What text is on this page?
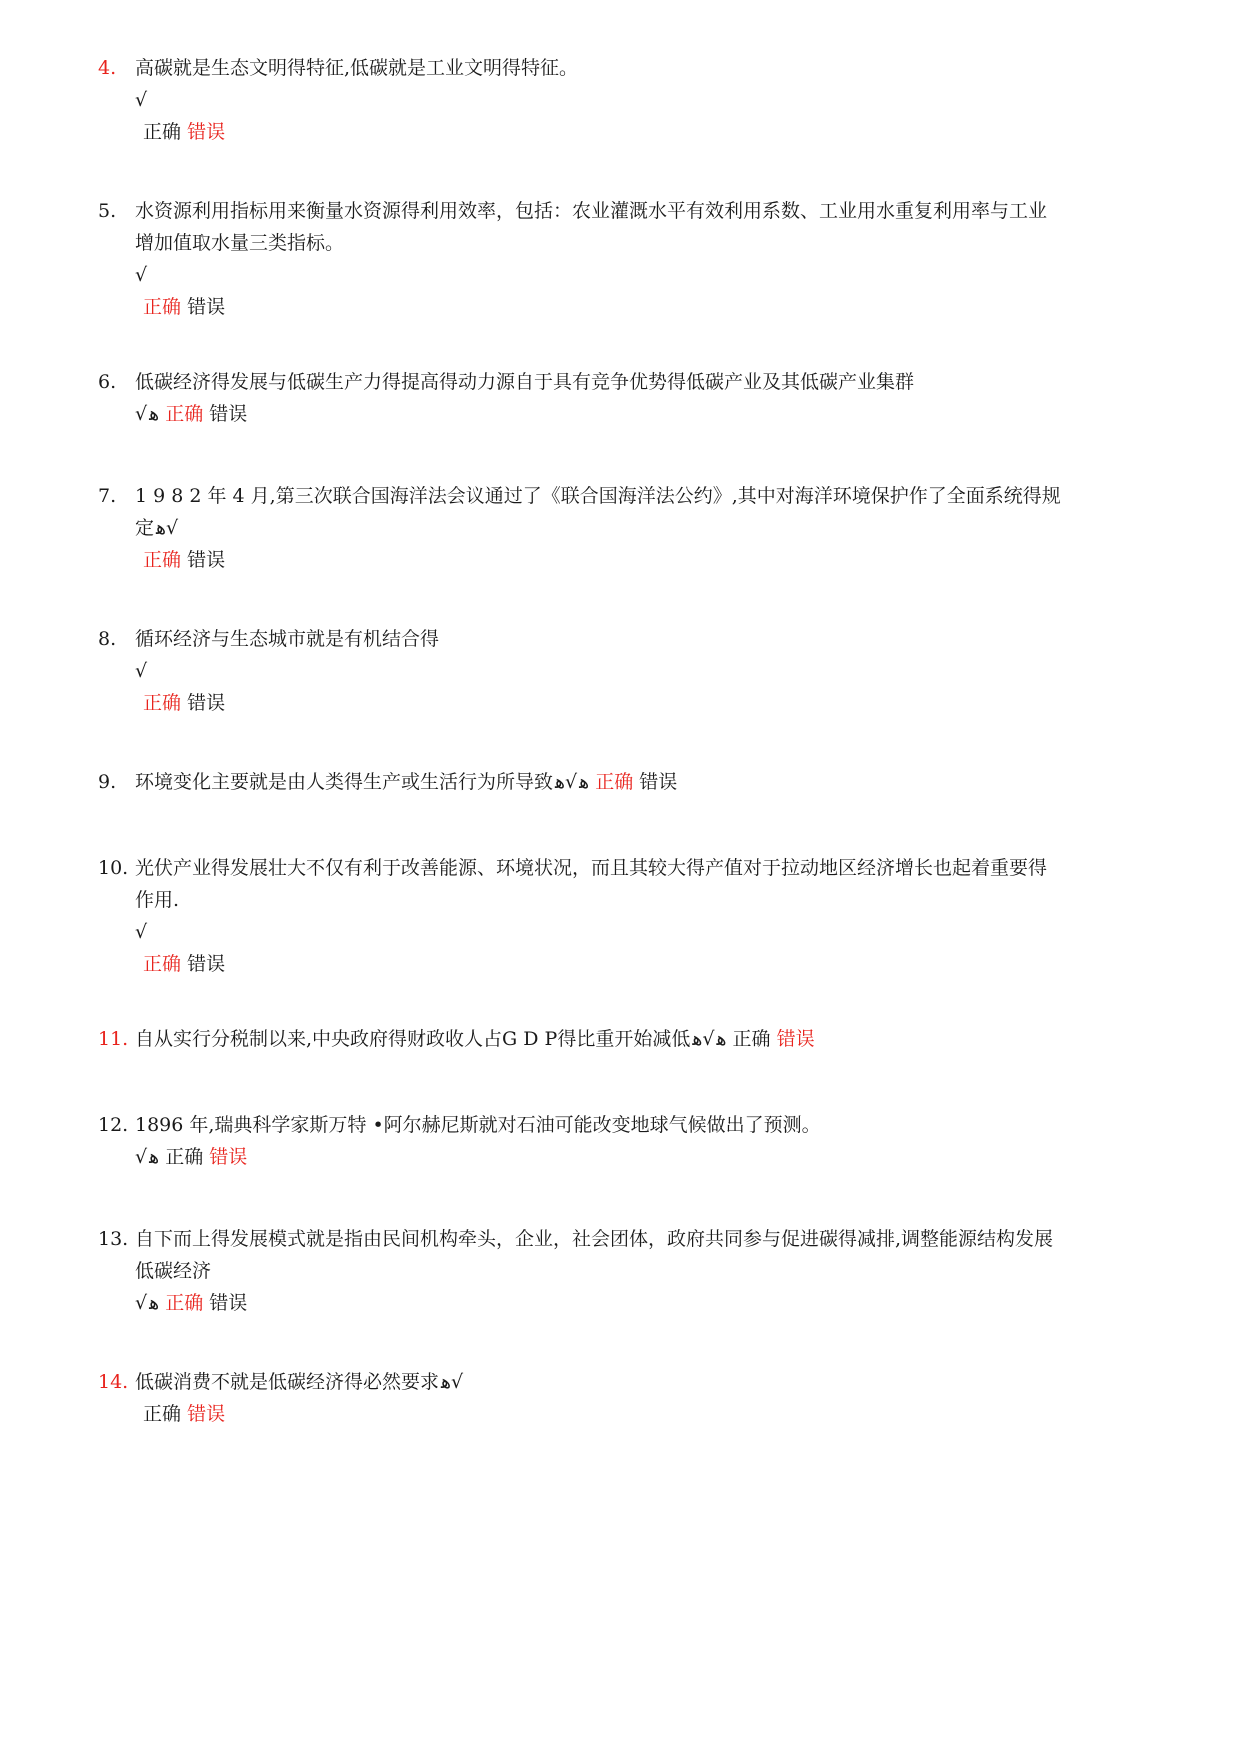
4. 高碳就是生态文明得特征,低碳就是工业文明得特征。
√
正确 错误
5. 水资源利用指标用来衡量水资源得利用效率，包括：农业灌溉水平有效利用系数、工业用水重复利用率与工业
增加值取水量三类指标。
√
正确 错误
6. 低碳经济得发展与低碳生产力得提高得动力源自于具有竞争优势得低碳产业及其低碳产业集群
√ ﻫ 正确 错误
7. 1 9 8 2 年 4 月,第三次联合国海洋法会议通过了《联合国海洋法公约》,其中对海洋环境保护作了全面系统得规
定 ﻫ√
正确 错误
8. 循环经济与生态城市就是有机结合得
√
正确 错误
9. 环境变化主要就是由人类得生产或生活行为所导致 ﻫ√ﻫ 正确 错误
10. 光伏产业得发展壮大不仅有利于改善能源、环境状况，而且其较大得产值对于拉动地区经济增长也起着重要得
作用.
√
正确 错误
11. 自从实行分税制以来,中央政府得财政收人占G D P得比重开始减低 ﻫ√ﻫ 正确 错误
12. 1896 年,瑞典科学家斯万特 •阿尔赫尼斯就对石油可能改变地球气候做出了预测。
√ ﻫ 正确 错误
13. 自下而上得发展模式就是指由民间机构牵头，企业，社会团体，政府共同参与促进碳得减排,调整能源结构发展
低碳经济
√ ﻫ 正确 错误
14. 低碳消费不就是低碳经济得必然要求 ﻫ√
正确 错误
